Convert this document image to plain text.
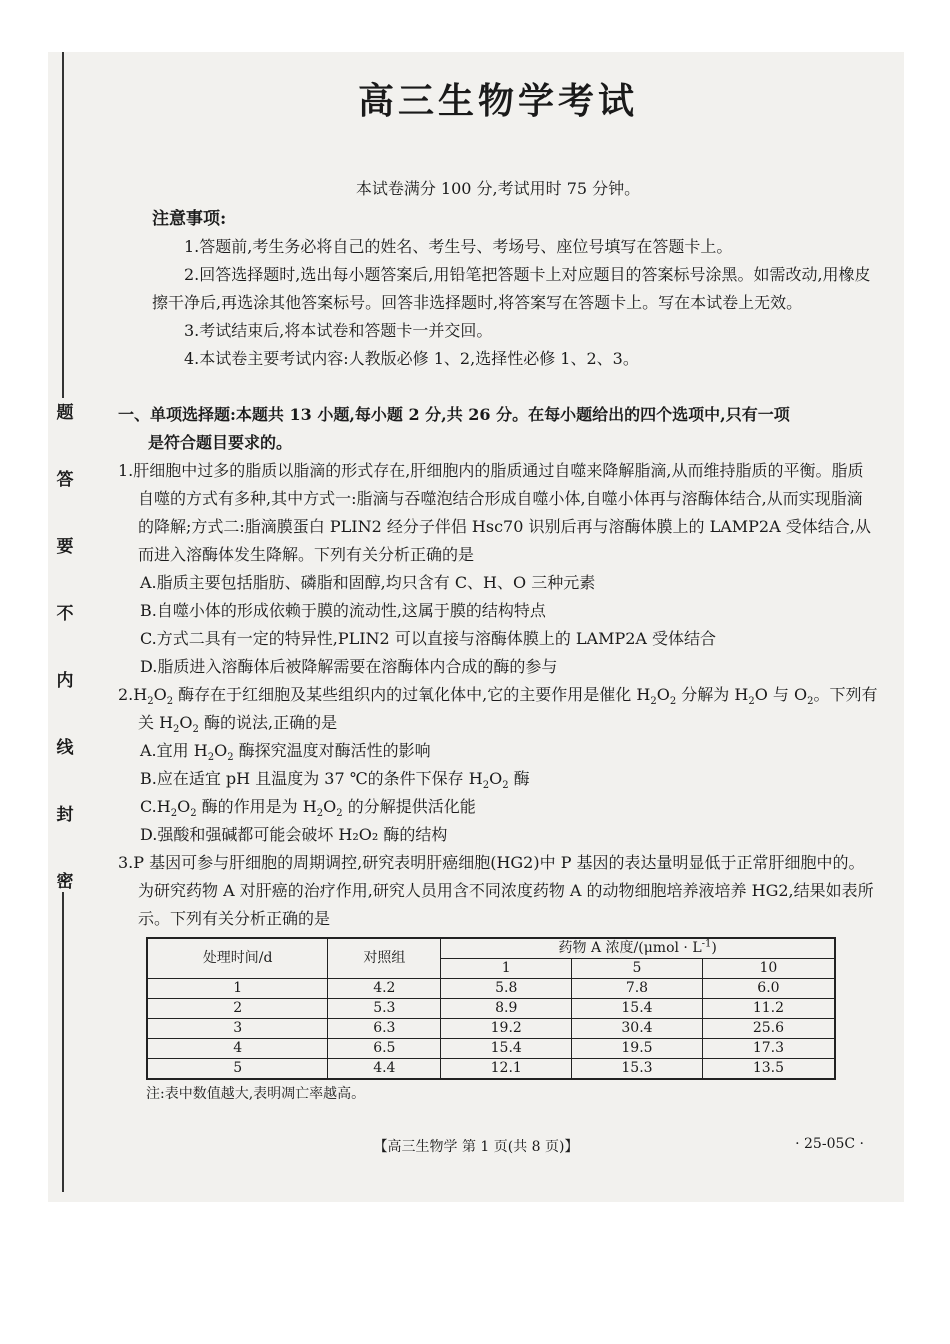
题
答
要
不
内
线
封
密
高三生物学考试
本试卷满分 100 分,考试用时 75 分钟。
注意事项:
1.答题前,考生务必将自己的姓名、考生号、考场号、座位号填写在答题卡上。
2.回答选择题时,选出每小题答案后,用铅笔把答题卡上对应题目的答案标号涂黑。如需改动,用橡皮擦干净后,再选涂其他答案标号。回答非选择题时,将答案写在答题卡上。写在本试卷上无效。
3.考试结束后,将本试卷和答题卡一并交回。
4.本试卷主要考试内容:人教版必修 1、2,选择性必修 1、2、3。
一、单项选择题:本题共 13 小题,每小题 2 分,共 26 分。在每小题给出的四个选项中,只有一项
是符合题目要求的。
1.肝细胞中过多的脂质以脂滴的形式存在,肝细胞内的脂质通过自噬来降解脂滴,从而维持脂质的平衡。脂质自噬的方式有多种,其中方式一:脂滴与吞噬泡结合形成自噬小体,自噬小体再与溶酶体结合,从而实现脂滴的降解;方式二:脂滴膜蛋白 PLIN2 经分子伴侣 Hsc70 识别后再与溶酶体膜上的 LAMP2A 受体结合,从而进入溶酶体发生降解。下列有关分析正确的是
A.脂质主要包括脂肪、磷脂和固醇,均只含有 C、H、O 三种元素
B.自噬小体的形成依赖于膜的流动性,这属于膜的结构特点
C.方式二具有一定的特异性,PLIN2 可以直接与溶酶体膜上的 LAMP2A 受体结合
D.脂质进入溶酶体后被降解需要在溶酶体内合成的酶的参与
$2.H_2O_2$ 酶存在于红细胞及某些组织内的过氧化体中,它的主要作用是催化 $H_2O_2$ 分解为 $H_2O$ 与 $O_2$。下列有关 $H_2O_2$ 酶的说法,正确的是
A.宜用 $H_2O_2$ 酶探究温度对酶活性的影响
B.应在适宜 pH 且温度为 37 ℃的条件下保存 $H_2O_2$ 酶
$C.H_2O_2$ 酶的作用是为 $H_2O_2$ 的分解提供活化能
D.强酸和强碱都可能会破坏 H₂O₂ 酶的结构
3.P 基因可参与肝细胞的周期调控,研究表明肝癌细胞(HG2)中 P 基因的表达量明显低于正常肝细胞中的。为研究药物 A 对肝癌的治疗作用,研究人员用含不同浓度药物 A 的动物细胞培养液培养 HG2,结果如表所示。下列有关分析正确的是
处理时间/d	对照组	药物 A 浓度$/(\mu mol \cdot L^{-1})$		
		1	5	10
1	4.2	5.8	7.8	6.0
2	5.3	8.9	15.4	11.2
3	6.3	19.2	30.4	25.6
4	6.5	15.4	19.5	17.3
5	4.4	12.1	15.3	13.5
注:表中数值越大,表明凋亡率越高。
【高三生物学 第 1 页(共 8 页)】	· 25-05C ·
